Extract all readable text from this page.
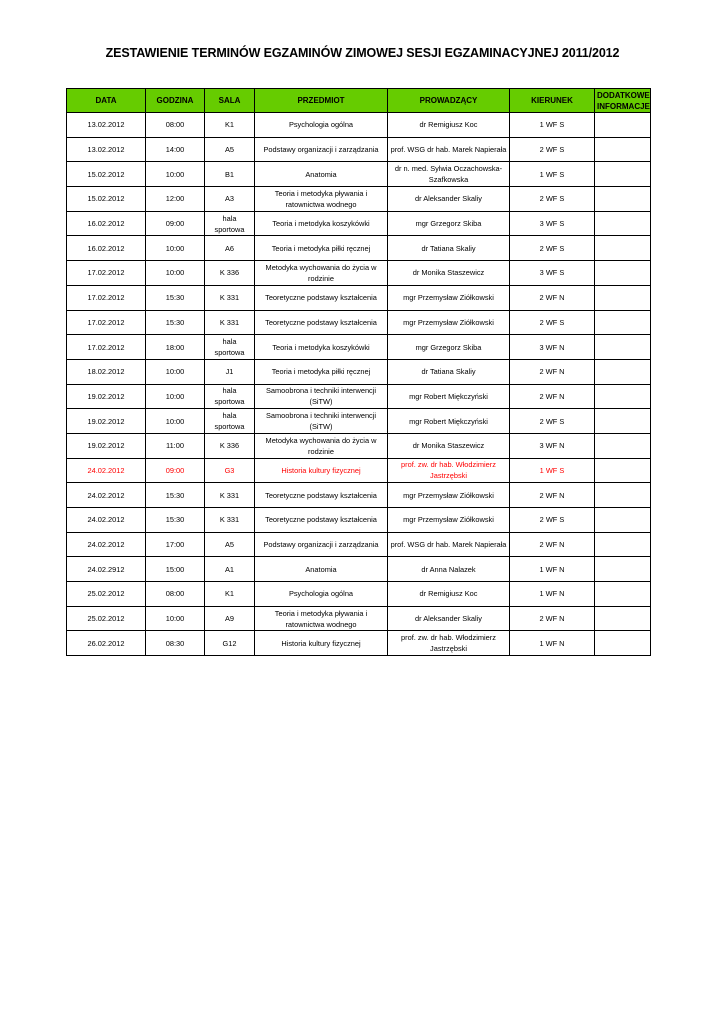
ZESTAWIENIE TERMINÓW EGZAMINÓW ZIMOWEJ SESJI EGZAMINACYJNEJ 2011/2012
DATA	GODZINA	SALA	PRZEDMIOT	PROWADZĄCY	KIERUNEK	DODATKOWE INFORMACJE
13.02.2012	08:00	K1	Psychologia ogólna	dr Remigiusz Koc	1 WF S	
13.02.2012	14:00	A5	Podstawy organizacji i zarządzania	prof. WSG dr hab. Marek Napierała	2 WF S	
15.02.2012	10:00	B1	Anatomia	dr n. med. Sylwia Oczachowska-Szafkowska	1 WF S	
15.02.2012	12:00	A3	Teoria i metodyka pływania i ratownictwa wodnego	dr Aleksander Skaliy	2 WF S	
16.02.2012	09:00	hala sportowa	Teoria i metodyka koszykówki	mgr Grzegorz Skiba	3 WF S	
16.02.2012	10:00	A6	Teoria i metodyka piłki ręcznej	dr Tatiana Skaliy	2 WF S	
17.02.2012	10:00	K 336	Metodyka wychowania do życia w rodzinie	dr Monika Staszewicz	3 WF S	
17.02.2012	15:30	K 331	Teoretyczne podstawy kształcenia	mgr Przemysław Ziółkowski	2 WF N	
17.02.2012	15:30	K 331	Teoretyczne podstawy kształcenia	mgr Przemysław Ziółkowski	2 WF S	
17.02.2012	18:00	hala sportowa	Teoria i metodyka koszykówki	mgr Grzegorz Skiba	3 WF N	
18.02.2012	10:00	J1	Teoria i metodyka piłki ręcznej	dr Tatiana Skaliy	2 WF N	
19.02.2012	10:00	hala sportowa	Samoobrona i techniki interwencji (SiTW)	mgr Robert Miękczyński	2 WF N	
19.02.2012	10:00	hala sportowa	Samoobrona i techniki interwencji (SiTW)	mgr Robert Miękczyński	2 WF S	
19.02.2012	11:00	K 336	Metodyka wychowania do życia w rodzinie	dr Monika Staszewicz	3 WF N	
24.02.2012	09:00	G3	Historia kultury fizycznej	prof. zw. dr hab. Włodzimierz Jastrzębski	1 WF S	
24.02.2012	15:30	K 331	Teoretyczne podstawy kształcenia	mgr Przemysław Ziółkowski	2 WF N	
24.02.2012	15:30	K 331	Teoretyczne podstawy kształcenia	mgr Przemysław Ziółkowski	2 WF S	
24.02.2012	17:00	A5	Podstawy organizacji i zarządzania	prof. WSG dr hab. Marek Napierała	2 WF N	
24.02.2912	15:00	A1	Anatomia	dr Anna Nalazek	1 WF N	
25.02.2012	08:00	K1	Psychologia ogólna	dr Remigiusz Koc	1 WF N	
25.02.2012	10:00	A9	Teoria i metodyka pływania i ratownictwa wodnego	dr Aleksander Skaliy	2 WF N	
26.02.2012	08:30	G12	Historia kultury fizycznej	prof. zw. dr hab. Włodzimierz Jastrzębski	1 WF N	
